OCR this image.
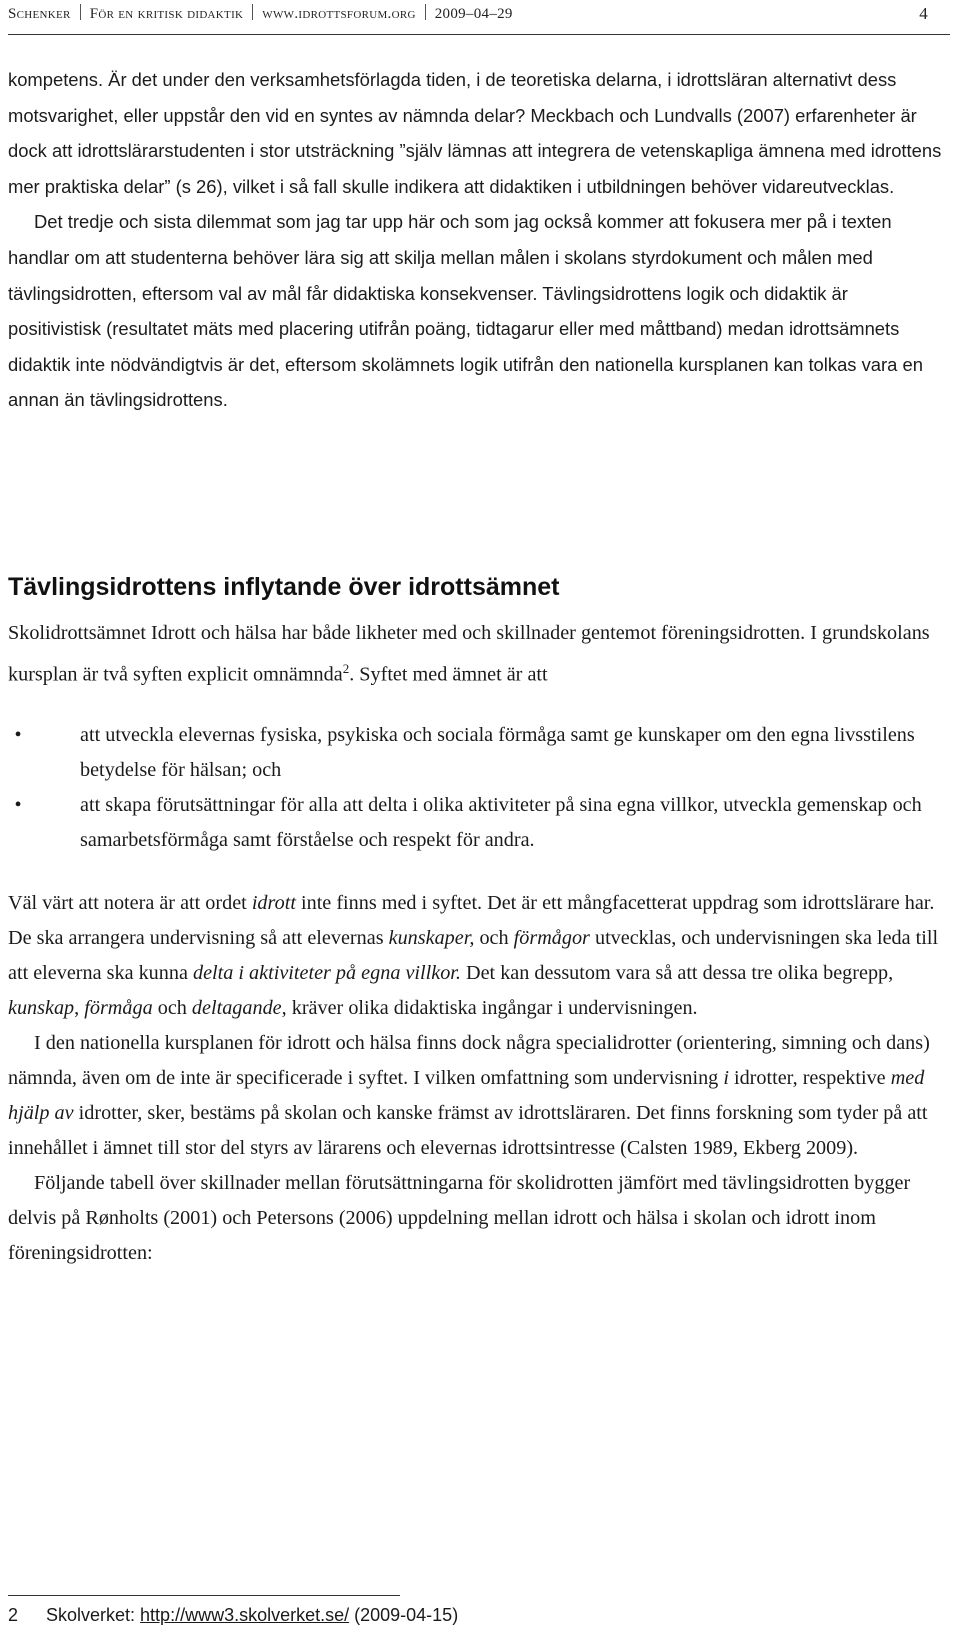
Schenker För en kritisk didaktik www.idrottsforum.org 2009–04–29	4

kompetens. Är det under den verksamhetsförlagda tiden, i de teoretiska delarna, i idrottsläran alternativt dess motsvarighet, eller uppstår den vid en syntes av nämnda delar? Meckbach och Lundvalls (2007) erfarenheter är dock att idrottslärarstudenten i stor utsträckning ”själv lämnas att integrera de vetenskapliga ämnena med idrottens mer praktiska delar” (s 26), vilket i så fall skulle indikera att didaktiken i utbildningen behöver vidareutvecklas.

Det tredje och sista dilemmat som jag tar upp här och som jag också kommer att fokusera mer på i texten handlar om att studenterna behöver lära sig att skilja mellan målen i skolans styrdokument och målen med tävlingsidrotten, eftersom val av mål får didaktiska konsekvenser. Tävlingsidrottens logik och didaktik är positivistisk (resultatet mäts med placering utifrån poäng, tidtagarur eller med måttband) medan idrottsämnets didaktik inte nödvändigtvis är det, eftersom skolämnets logik utifrån den nationella kursplanen kan tolkas vara en annan än tävlingsidrottens.

Tävlingsidrottens inflytande över idrottsämnet

Skolidrottsämnet Idrott och hälsa har både likheter med och skillnader gentemot föreningsidrotten. I grundskolans kursplan är två syften explicit omnämnda$^2$. Syftet med ämnet är att

•	att utveckla elevernas fysiska, psykiska och sociala förmåga samt ge kunskaper om den egna livsstilens betydelse för hälsan; och
•	att skapa förutsättningar för alla att delta i olika aktiviteter på sina egna villkor, utveckla gemenskap och samarbetsförmåga samt förståelse och respekt för andra.

Väl värt att notera är att ordet idrott inte finns med i syftet. Det är ett mångfacetterat uppdrag som idrottslärare har. De ska arrangera undervisning så att elevernas kunskaper, och förmågor utvecklas, och undervisningen ska leda till att eleverna ska kunna delta i aktiviteter på egna villkor. Det kan dessutom vara så att dessa tre olika begrepp, kunskap, förmåga och deltagande, kräver olika didaktiska ingångar i undervisningen.

I den nationella kursplanen för idrott och hälsa finns dock några specialidrotter (orientering, simning och dans) nämnda, även om de inte är specificerade i syftet. I vilken omfattning som undervisning i idrotter, respektive med hjälp av idrotter, sker, bestäms på skolan och kanske främst av idrottsläraren. Det finns forskning som tyder på att innehållet i ämnet till stor del styrs av lärarens och elevernas idrottsintresse (Calsten 1989, Ekberg 2009).

Följande tabell över skillnader mellan förutsättningarna för skolidrotten jämfört med tävlingsidrotten bygger delvis på Rønholts (2001) och Petersons (2006) uppdelning mellan idrott och hälsa i skolan och idrott inom föreningsidrotten:

2 Skolverket: http://www3.skolverket.se/ (2009-04-15)
